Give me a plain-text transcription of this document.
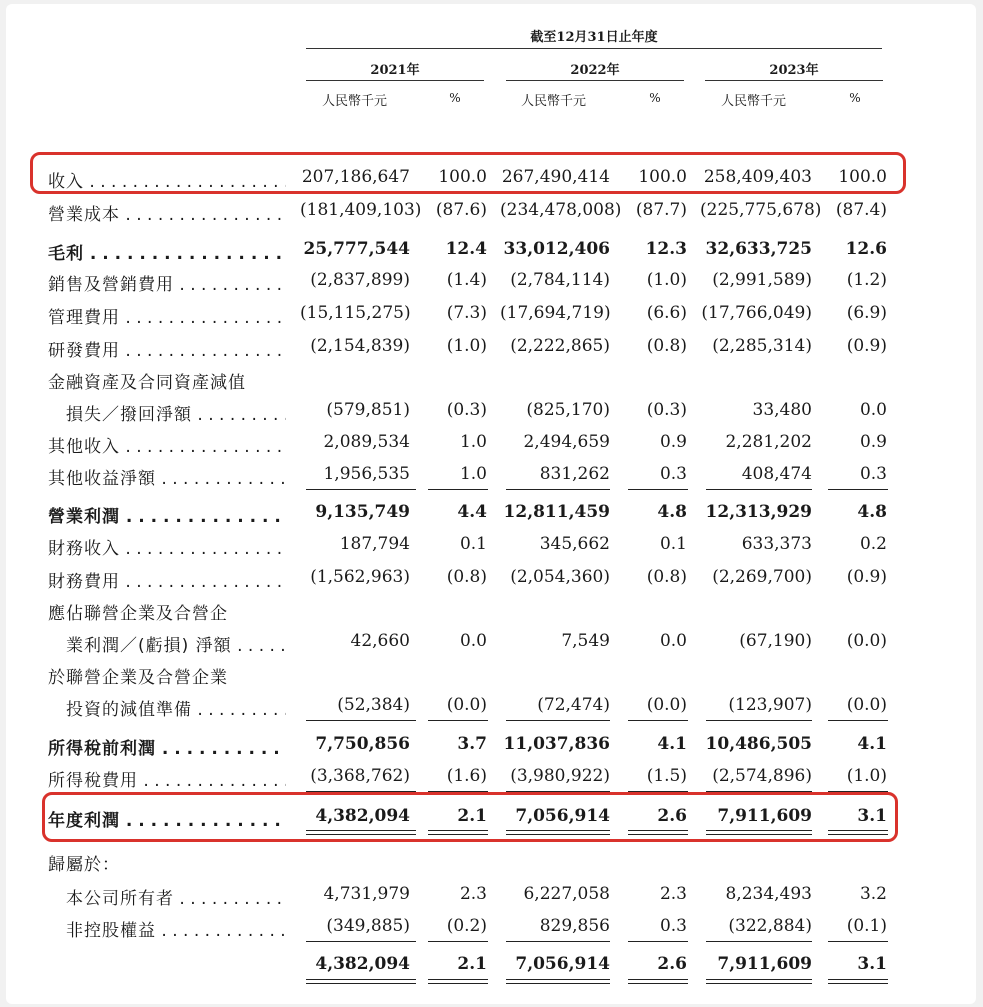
截至12月31日止年度
2021年	2022年	2023年
人民幣千元	%	人民幣千元	%	人民幣千元	%
收入 . . .	207,186,647	100.0 267,490,414	100.0 258,409,403	100.0
營業成本 . . .	(181,409,103) (87.6) (234,478,008) (87.7) (225,775,678) (87.4)
毛利 . . .	25,777,544	12.4 33,012,406	12.3	32,633,725	12.6
銷售及營銷費用 . . .	(2,837,899)	(1.4)	(2,784,114)	(1.0)	(2,991,589)	(1.2)
管理費用 . . .	(15,115,275)	(7.3) (17,694,719)	(6.6) (17,766,049)	(6.9)
研發費用 . . .	(2,154,839)	(1.0)	(2,222,865)	(0.8)	(2,285,314)	(0.9)
金融資產及合同資產減值
損失／撥回淨額 . . .	(579,851)	(0.3)	(825,170)	(0.3)	33,480	0.0
其他收入 . . .	2,089,534	1.0	2,494,659	0.9	2,281,202	0.9
其他收益淨額 . . .	1,956,535	1.0	831,262	0.3	408,474	0.3
營業利潤 . . .	9,135,749	4.4 12,811,459	4.8	12,313,929	4.8
財務收入 . . .	187,794	0.1	345,662	0.1	633,373	0.2
財務費用 . . .	(1,562,963)	(0.8)	(2,054,360)	(0.8)	(2,269,700)	(0.9)
應佔聯營企業及合營企
業利潤／(虧損) 淨額 . . .	42,660	0.0	7,549	0.0	(67,190)	(0.0)
於聯營企業及合營企業
投資的減值準備 . . .	(52,384)	(0.0)	(72,474)	(0.0)	(123,907)	(0.0)
所得稅前利潤 . . .	7,750,856	3.7 11,037,836	4.1	10,486,505	4.1
所得稅費用 . . .	(3,368,762)	(1.6)	(3,980,922)	(1.5)	(2,574,896)	(1.0)
年度利潤 . . .	4,382,094	2.1	7,056,914	2.6	7,911,609	3.1
歸屬於：
本公司所有者 . . .	4,731,979	2.3	6,227,058	2.3	8,234,493	3.2
非控股權益 . . .	(349,885)	(0.2)	829,856	0.3	(322,884)	(0.1)
4,382,094	2.1	7,056,914	2.6	7,911,609	3.1
